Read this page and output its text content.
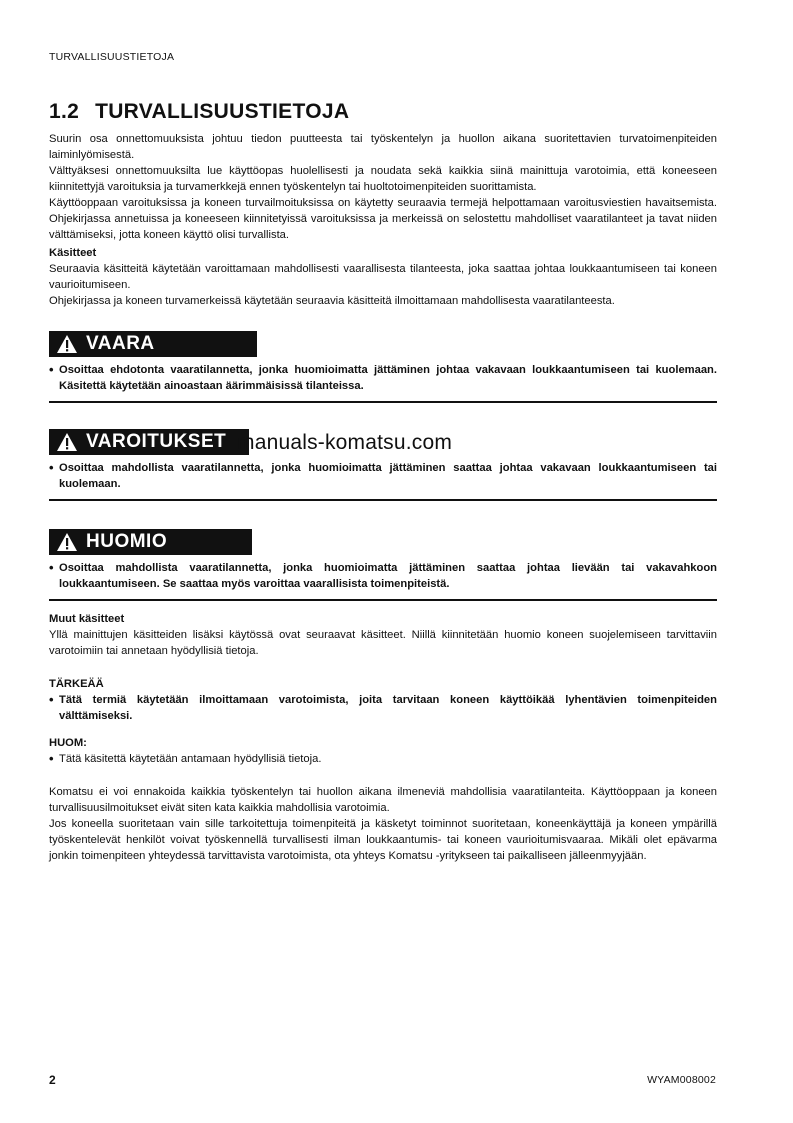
TURVALLISUUSTIETOJA
1.2 TURVALLISUUSTIETOJA

Suurin osa onnettomuuksista johtuu tiedon puutteesta tai työskentelyn ja huollon aikana suoritettavien turvatoimenpiteiden laiminlyömisestä.

Välttyäksesi onnettomuuksilta lue käyttöopas huolellisesti ja noudata sekä kaikkia siinä mainittuja varotoimia, että koneeseen kiinnitettyjä varoituksia ja turvamerkkejä ennen työskentelyn tai huoltotoimenpiteiden suorittamista.

Käyttöoppaan varoituksissa ja koneen turvailmoituksissa on käytetty seuraavia termejä helpottamaan varoitusviestien havaitsemista. Ohjekirjassa annetuissa ja koneeseen kiinnitetyissä varoituksissa ja merkeissä on selostettu mahdolliset vaaratilanteet ja tavat niiden välttämiseksi, jotta koneen käyttö olisi turvallista.

Käsitteet

Seuraavia käsitteitä käytetään varoittamaan mahdollisesti vaarallisesta tilanteesta, joka saattaa johtaa loukkaantumiseen tai koneen vaurioitumiseen.

Ohjekirjassa ja koneen turvamerkeissä käytetään seuraavia käsitteitä ilmoittamaan mahdollisesta vaaratilanteesta.

VAARA
• Osoittaa ehdotonta vaaratilannetta, jonka huomioimatta jättäminen johtaa vakavaan loukkaantumiseen tai kuolemaan. Käsitettä käytetään ainoastaan äärimmäisissä tilanteissa.
VAROITUKSET
• Osoittaa mahdollista vaaratilannetta, jonka huomioimatta jättäminen saattaa johtaa vakavaan loukkaantumiseen tai kuolemaan.
HUOMIO
• Osoittaa mahdollista vaaratilannetta, jonka huomioimatta jättäminen saattaa johtaa lievään tai vakavahkoon loukkaantumiseen. Se saattaa myös varoittaa vaarallisista toimenpiteistä.

Muut käsitteet

Yllä mainittujen käsitteiden lisäksi käytössä ovat seuraavat käsitteet. Niillä kiinnitetään huomio koneen suojelemiseen tarvittaviin varotoimiin tai annetaan hyödyllisiä tietoja.

TÄRKEÄÄ

• Tätä termiä käytetään ilmoittamaan varotoimista, joita tarvitaan koneen käyttöikää lyhentävien toimenpiteiden välttämiseksi.

HUOM:

• Tätä käsitettä käytetään antamaan hyödyllisiä tietoja.

Komatsu ei voi ennakoida kaikkia työskentelyn tai huollon aikana ilmeneviä mahdollisia vaaratilanteita. Käyttöoppaan ja koneen turvallisuusilmoitukset eivät siten kata kaikkia mahdollisia varotoimia.

Jos koneella suoritetaan vain sille tarkoitettuja toimenpiteitä ja käsketyt toiminnot suoritetaan, koneenkäyttäjä ja koneen ympärillä työskentelevät henkilöt voivat työskennellä turvallisesti ilman loukkaantumis- tai koneen vaurioitumisvaaraa. Mikäli olet epävarma jonkin toimenpiteen yhteydessä tarvittavista varotoimista, ota yhteys Komatsu -yritykseen tai paikalliseen jälleenmyyjään.

manuals-komatsu.com
2	WYAM008002
